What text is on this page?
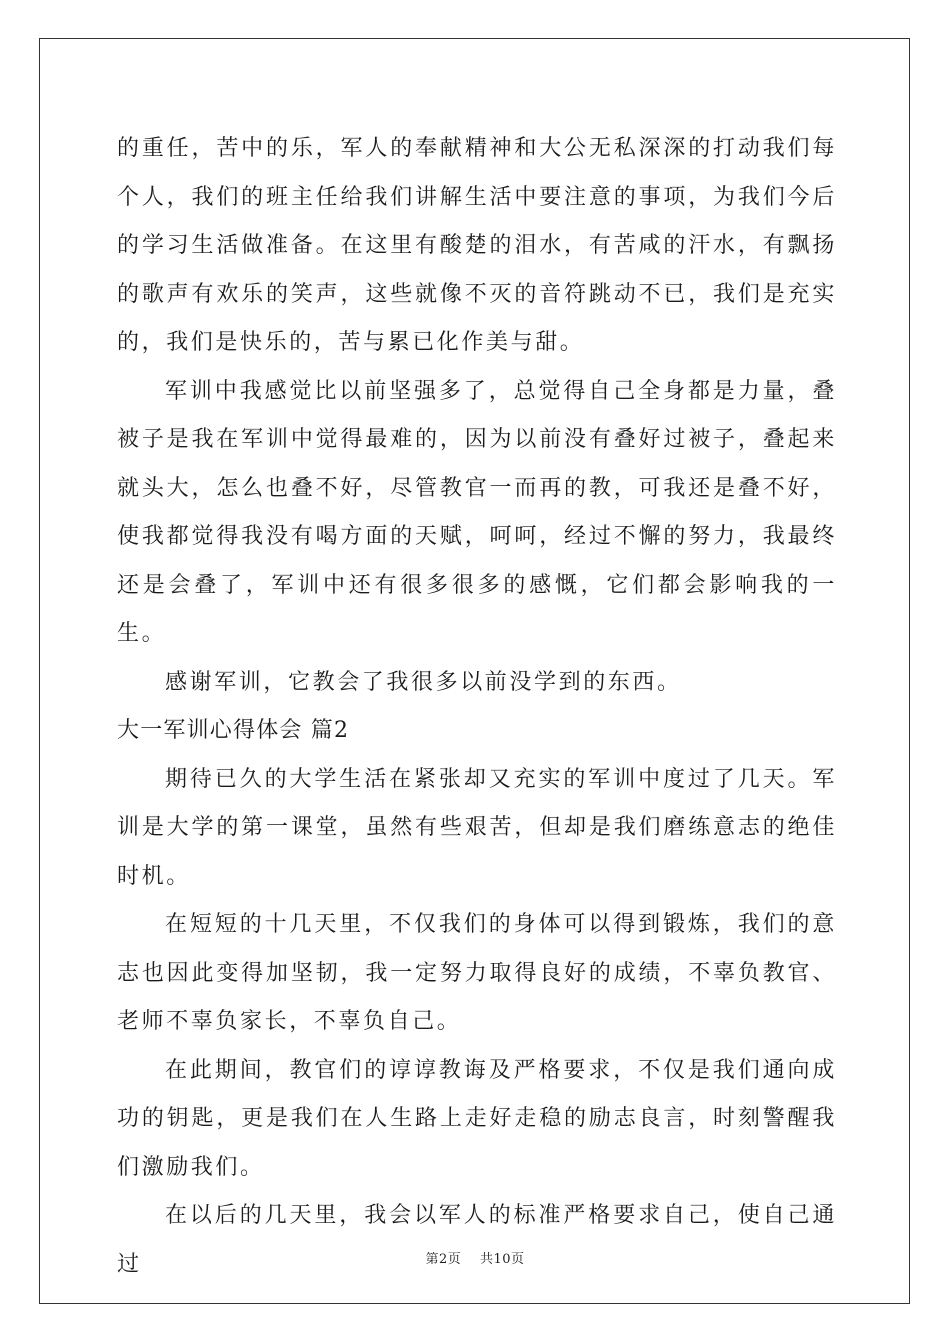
的重任，苦中的乐，军人的奉献精神和大公无私深深的打动我们每个人，我们的班主任给我们讲解生活中要注意的事项，为我们今后的学习生活做准备。在这里有酸楚的泪水，有苦咸的汗水，有飘扬的歌声有欢乐的笑声，这些就像不灭的音符跳动不已，我们是充实的，我们是快乐的，苦与累已化作美与甜。

军训中我感觉比以前坚强多了，总觉得自己全身都是力量，叠被子是我在军训中觉得最难的，因为以前没有叠好过被子，叠起来就头大，怎么也叠不好，尽管教官一而再的教，可我还是叠不好，使我都觉得我没有喝方面的天赋，呵呵，经过不懈的努力，我最终还是会叠了，军训中还有很多很多的感慨，它们都会影响我的一生。

感谢军训，它教会了我很多以前没学到的东西。

大一军训心得体会 篇2

期待已久的大学生活在紧张却又充实的军训中度过了几天。军训是大学的第一课堂，虽然有些艰苦，但却是我们磨练意志的绝佳时机。

在短短的十几天里，不仅我们的身体可以得到锻炼，我们的意志也因此变得加坚韧，我一定努力取得良好的成绩，不辜负教官、老师不辜负家长，不辜负自己。

在此期间，教官们的谆谆教诲及严格要求，不仅是我们通向成功的钥匙，更是我们在人生路上走好走稳的励志良言，时刻警醒我们激励我们。

在以后的几天里，我会以军人的标准严格要求自己，使自己通过	第2页 共10页
